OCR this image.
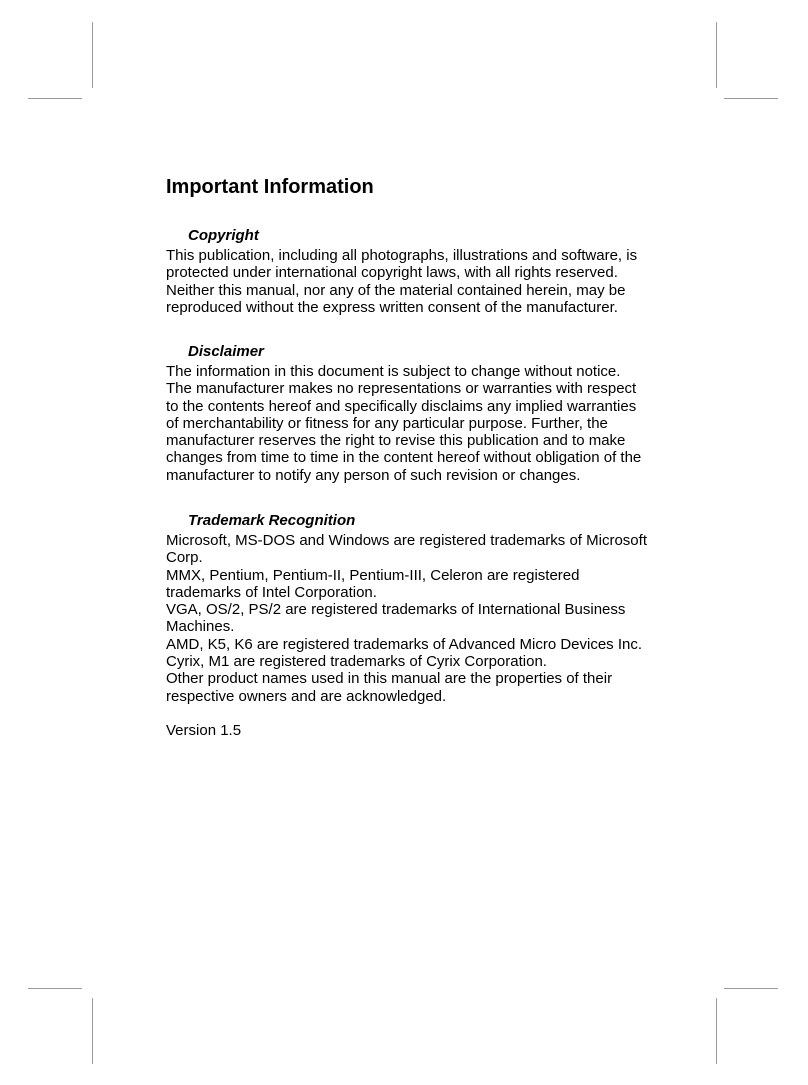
Important Information
Copyright

This publication, including all photographs, illustrations and software, is
protected under international copyright laws, with all rights reserved.
Neither this manual, nor any of the material contained herein, may be
reproduced without the express written consent of the manufacturer.

Disclaimer

The information in this document is subject to change without notice.
The manufacturer makes no representations or warranties with respect
to the contents hereof and specifically disclaims any implied warranties
of merchantability or fitness for any particular purpose. Further, the
manufacturer reserves the right to revise this publication and to make
changes from time to time in the content hereof without obligation of the
manufacturer to notify any person of such revision or changes.

Trademark Recognition

Microsoft, MS-DOS and Windows are registered trademarks of Microsoft
Corp.
MMX, Pentium, Pentium-II, Pentium-III, Celeron are registered
trademarks of Intel Corporation.
VGA, OS/2, PS/2 are registered trademarks of International Business
Machines.
AMD, K5, K6 are registered trademarks of Advanced Micro Devices Inc.
Cyrix, M1 are registered trademarks of Cyrix Corporation.
Other product names used in this manual are the properties of their
respective owners and are acknowledged.

Version 1.5
